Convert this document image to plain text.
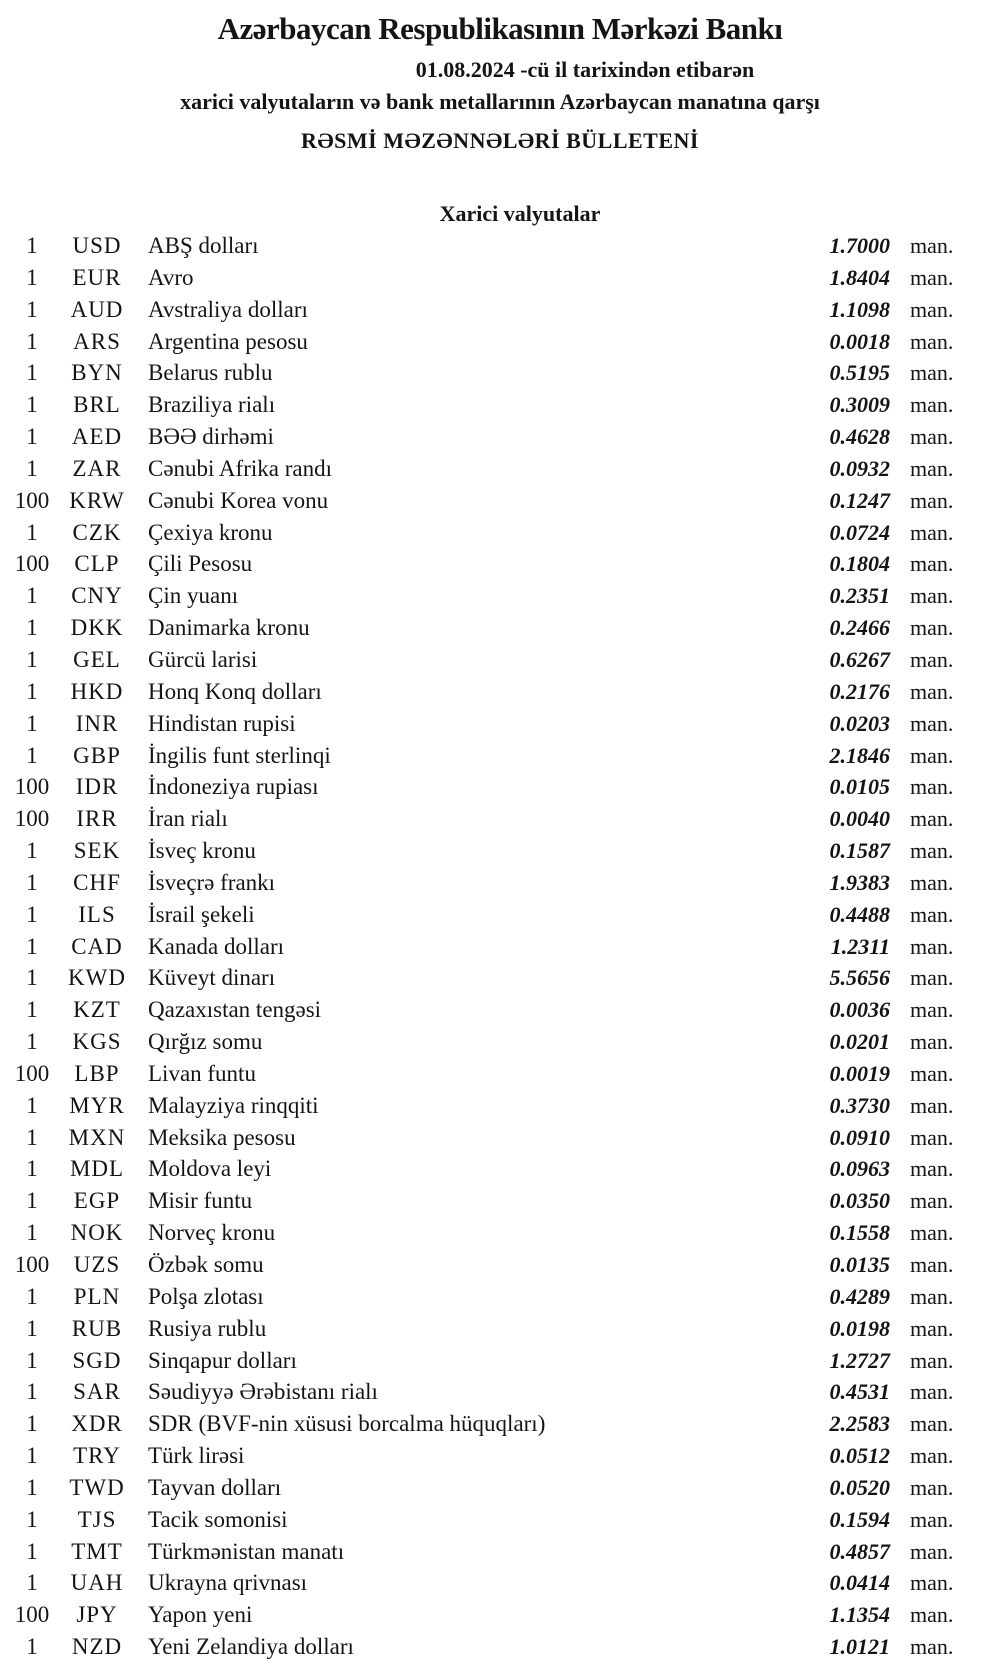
Azərbaycan Respublikasının Mərkəzi Bankı
01.08.2024 -cü il tarixindən etibarən
xarici valyutaların və bank metallarının Azərbaycan manatına qarşı
RƏSMİ MƏZƏNNƏLƏRİ BÜLLETENİ
Xarici valyutalar
1	USD	ABŞ dolları	1.7000 man.
1	EUR	Avro	1.8404 man.
1	AUD	Avstraliya dolları	1.1098 man.
1	ARS	Argentina pesosu	0.0018 man.
1	BYN	Belarus rublu	0.5195 man.
1	BRL	Braziliya rialı	0.3009 man.
1	AED	BƏƏ dirhəmi	0.4628 man.
1	ZAR	Cənubi Afrika randı	0.0932 man.
100 KRW	Cənubi Korea vonu	0.1247 man.
1	CZK	Çexiya kronu	0.0724 man.
100	CLP	Çili Pesosu	0.1804 man.
1	CNY	Çin yuanı	0.2351 man.
1	DKK	Danimarka kronu	0.2466 man.
1	GEL	Gürcü larisi	0.6267 man.
1	HKD	Honq Konq dolları	0.2176 man.
1	INR	Hindistan rupisi	0.0203 man.
1	GBP	İngilis funt sterlinqi	2.1846 man.
100	IDR	İndoneziya rupiası	0.0105 man.
100	IRR	İran rialı	0.0040 man.
1	SEK	İsveç kronu	0.1587 man.
1	CHF	İsveçrə frankı	1.9383 man.
1	ILS	İsrail şekeli	0.4488 man.
1	CAD	Kanada dolları	1.2311 man.
1	KWD Küveyt dinarı	5.5656 man.
1	KZT	Qazaxıstan tengəsi	0.0036 man.
1	KGS	Qırğız somu	0.0201 man.
100	LBP	Livan funtu	0.0019 man.
1	MYR	Malayziya rinqqiti	0.3730 man.
1	MXN Meksika pesosu	0.0910 man.
1	MDL	Moldova leyi	0.0963 man.
1	EGP	Misir funtu	0.0350 man.
1	NOK	Norveç kronu	0.1558 man.
100	UZS	Özbək somu	0.0135 man.
1	PLN	Polşa zlotası	0.4289 man.
1	RUB	Rusiya rublu	0.0198 man.
1	SGD	Sinqapur dolları	1.2727 man.
1	SAR	Səudiyyə Ərəbistanı rialı	0.4531 man.
1	XDR	SDR (BVF-nin xüsusi borcalma hüquqları)	2.2583 man.
1	TRY	Türk lirəsi	0.0512 man.
1	TWD	Tayvan dolları	0.0520 man.
1	TJS	Tacik somonisi	0.1594 man.
1	TMT	Türkmənistan manatı	0.4857 man.
1	UAH	Ukrayna qrivnası	0.0414 man.
100	JPY	Yapon yeni	1.1354 man.
1	NZD	Yeni Zelandiya dolları	1.0121 man.
